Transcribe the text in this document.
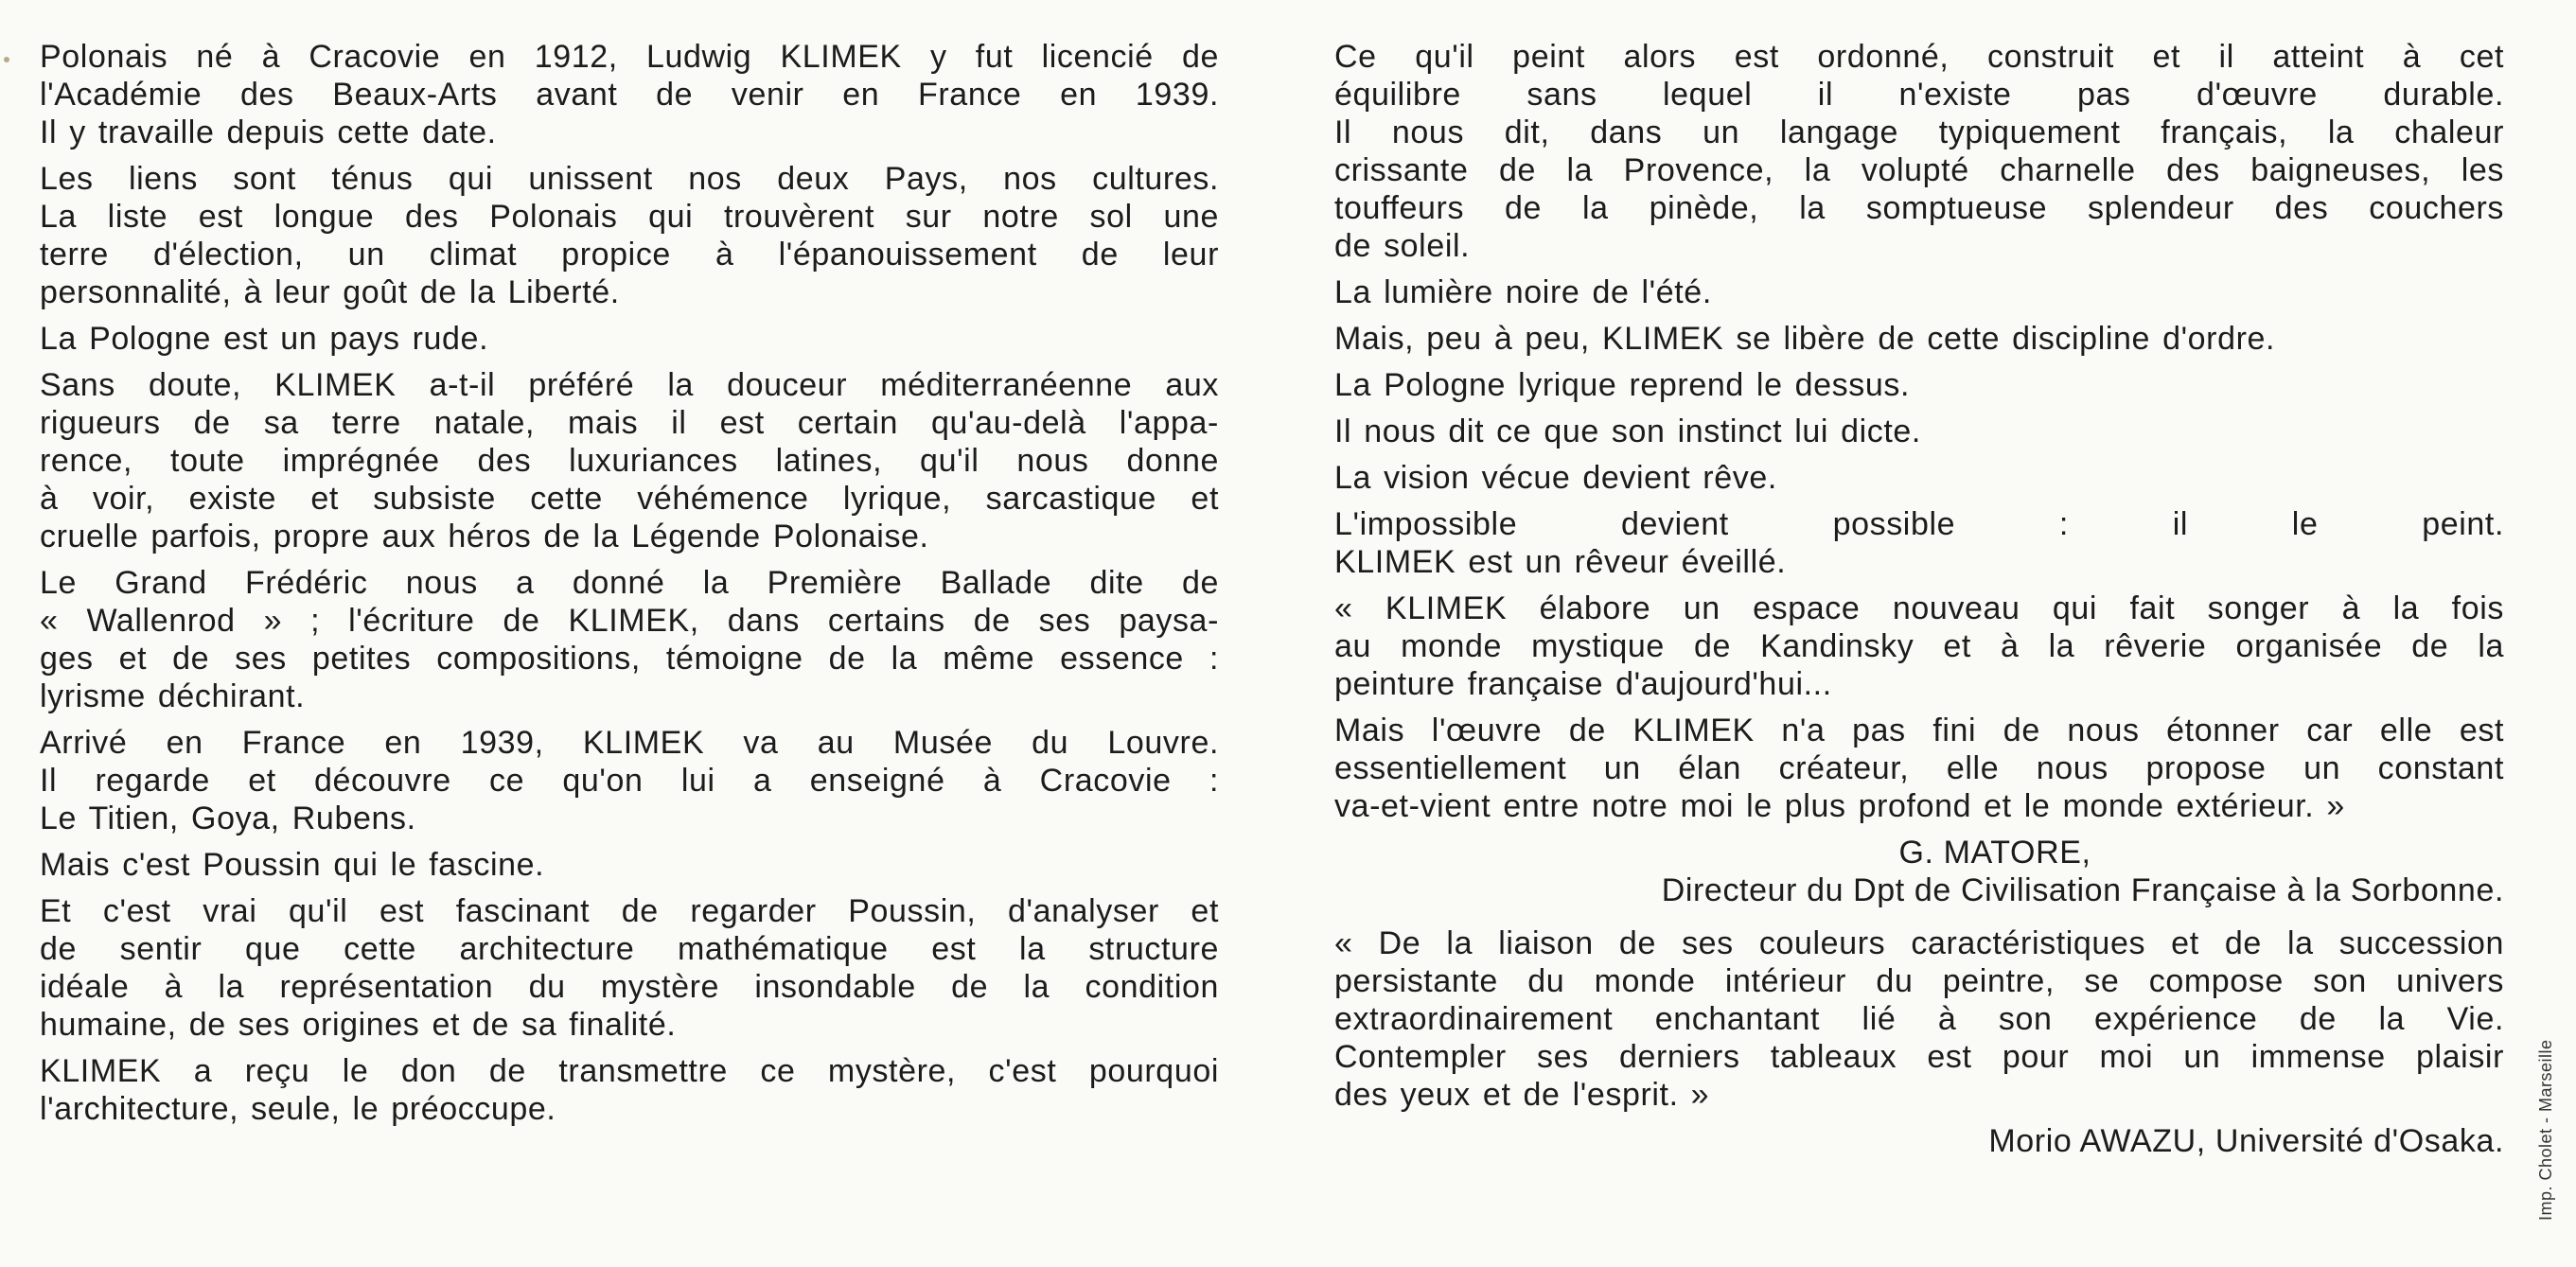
Polonais né à Cracovie en 1912, Ludwig KLIMEK y fut licencié de
l'Académie des Beaux-Arts avant de venir en France en 1939.
Il y travaille depuis cette date.
Les liens sont ténus qui unissent nos deux Pays, nos cultures.
La liste est longue des Polonais qui trouvèrent sur notre sol une
terre d'élection, un climat propice à l'épanouissement de leur
personnalité, à leur goût de la Liberté.
La Pologne est un pays rude.
Sans doute, KLIMEK a-t-il préféré la douceur méditerranéenne aux
rigueurs de sa terre natale, mais il est certain qu'au-delà l'appa-
rence, toute imprégnée des luxuriances latines, qu'il nous donne
à voir, existe et subsiste cette véhémence lyrique, sarcastique et
cruelle parfois, propre aux héros de la Légende Polonaise.
Le Grand Frédéric nous a donné la Première Ballade dite de
« Wallenrod » ; l'écriture de KLIMEK, dans certains de ses paysa-
ges et de ses petites compositions, témoigne de la même essence :
lyrisme déchirant.
Arrivé en France en 1939, KLIMEK va au Musée du Louvre.
Il regarde et découvre ce qu'on lui a enseigné à Cracovie :
Le Titien, Goya, Rubens.
Mais c'est Poussin qui le fascine.
Et c'est vrai qu'il est fascinant de regarder Poussin, d'analyser et
de sentir que cette architecture mathématique est la structure
idéale à la représentation du mystère insondable de la condition
humaine, de ses origines et de sa finalité.
KLIMEK a reçu le don de transmettre ce mystère, c'est pourquoi
l'architecture, seule, le préoccupe.
Ce qu'il peint alors est ordonné, construit et il atteint à cet
équilibre sans lequel il n'existe pas d'œuvre durable.
Il nous dit, dans un langage typiquement français, la chaleur
crissante de la Provence, la volupté charnelle des baigneuses, les
touffeurs de la pinède, la somptueuse splendeur des couchers
de soleil.
La lumière noire de l'été.
Mais, peu à peu, KLIMEK se libère de cette discipline d'ordre.
La Pologne lyrique reprend le dessus.
Il nous dit ce que son instinct lui dicte.
La vision vécue devient rêve.
L'impossible devient possible : il le peint.
KLIMEK est un rêveur éveillé.
« KLIMEK élabore un espace nouveau qui fait songer à la fois
au monde mystique de Kandinsky et à la rêverie organisée de la
peinture française d'aujourd'hui...
Mais l'œuvre de KLIMEK n'a pas fini de nous étonner car elle est
essentiellement un élan créateur, elle nous propose un constant
va-et-vient entre notre moi le plus profond et le monde extérieur. »
G. MATORE,
Directeur du Dpt de Civilisation Française à la Sorbonne.
« De la liaison de ses couleurs caractéristiques et de la succession
persistante du monde intérieur du peintre, se compose son univers
extraordinairement enchantant lié à son expérience de la Vie.
Contempler ses derniers tableaux est pour moi un immense plaisir
des yeux et de l'esprit. »
Morio AWAZU, Université d'Osaka. Imp. Cholet - Marseille
